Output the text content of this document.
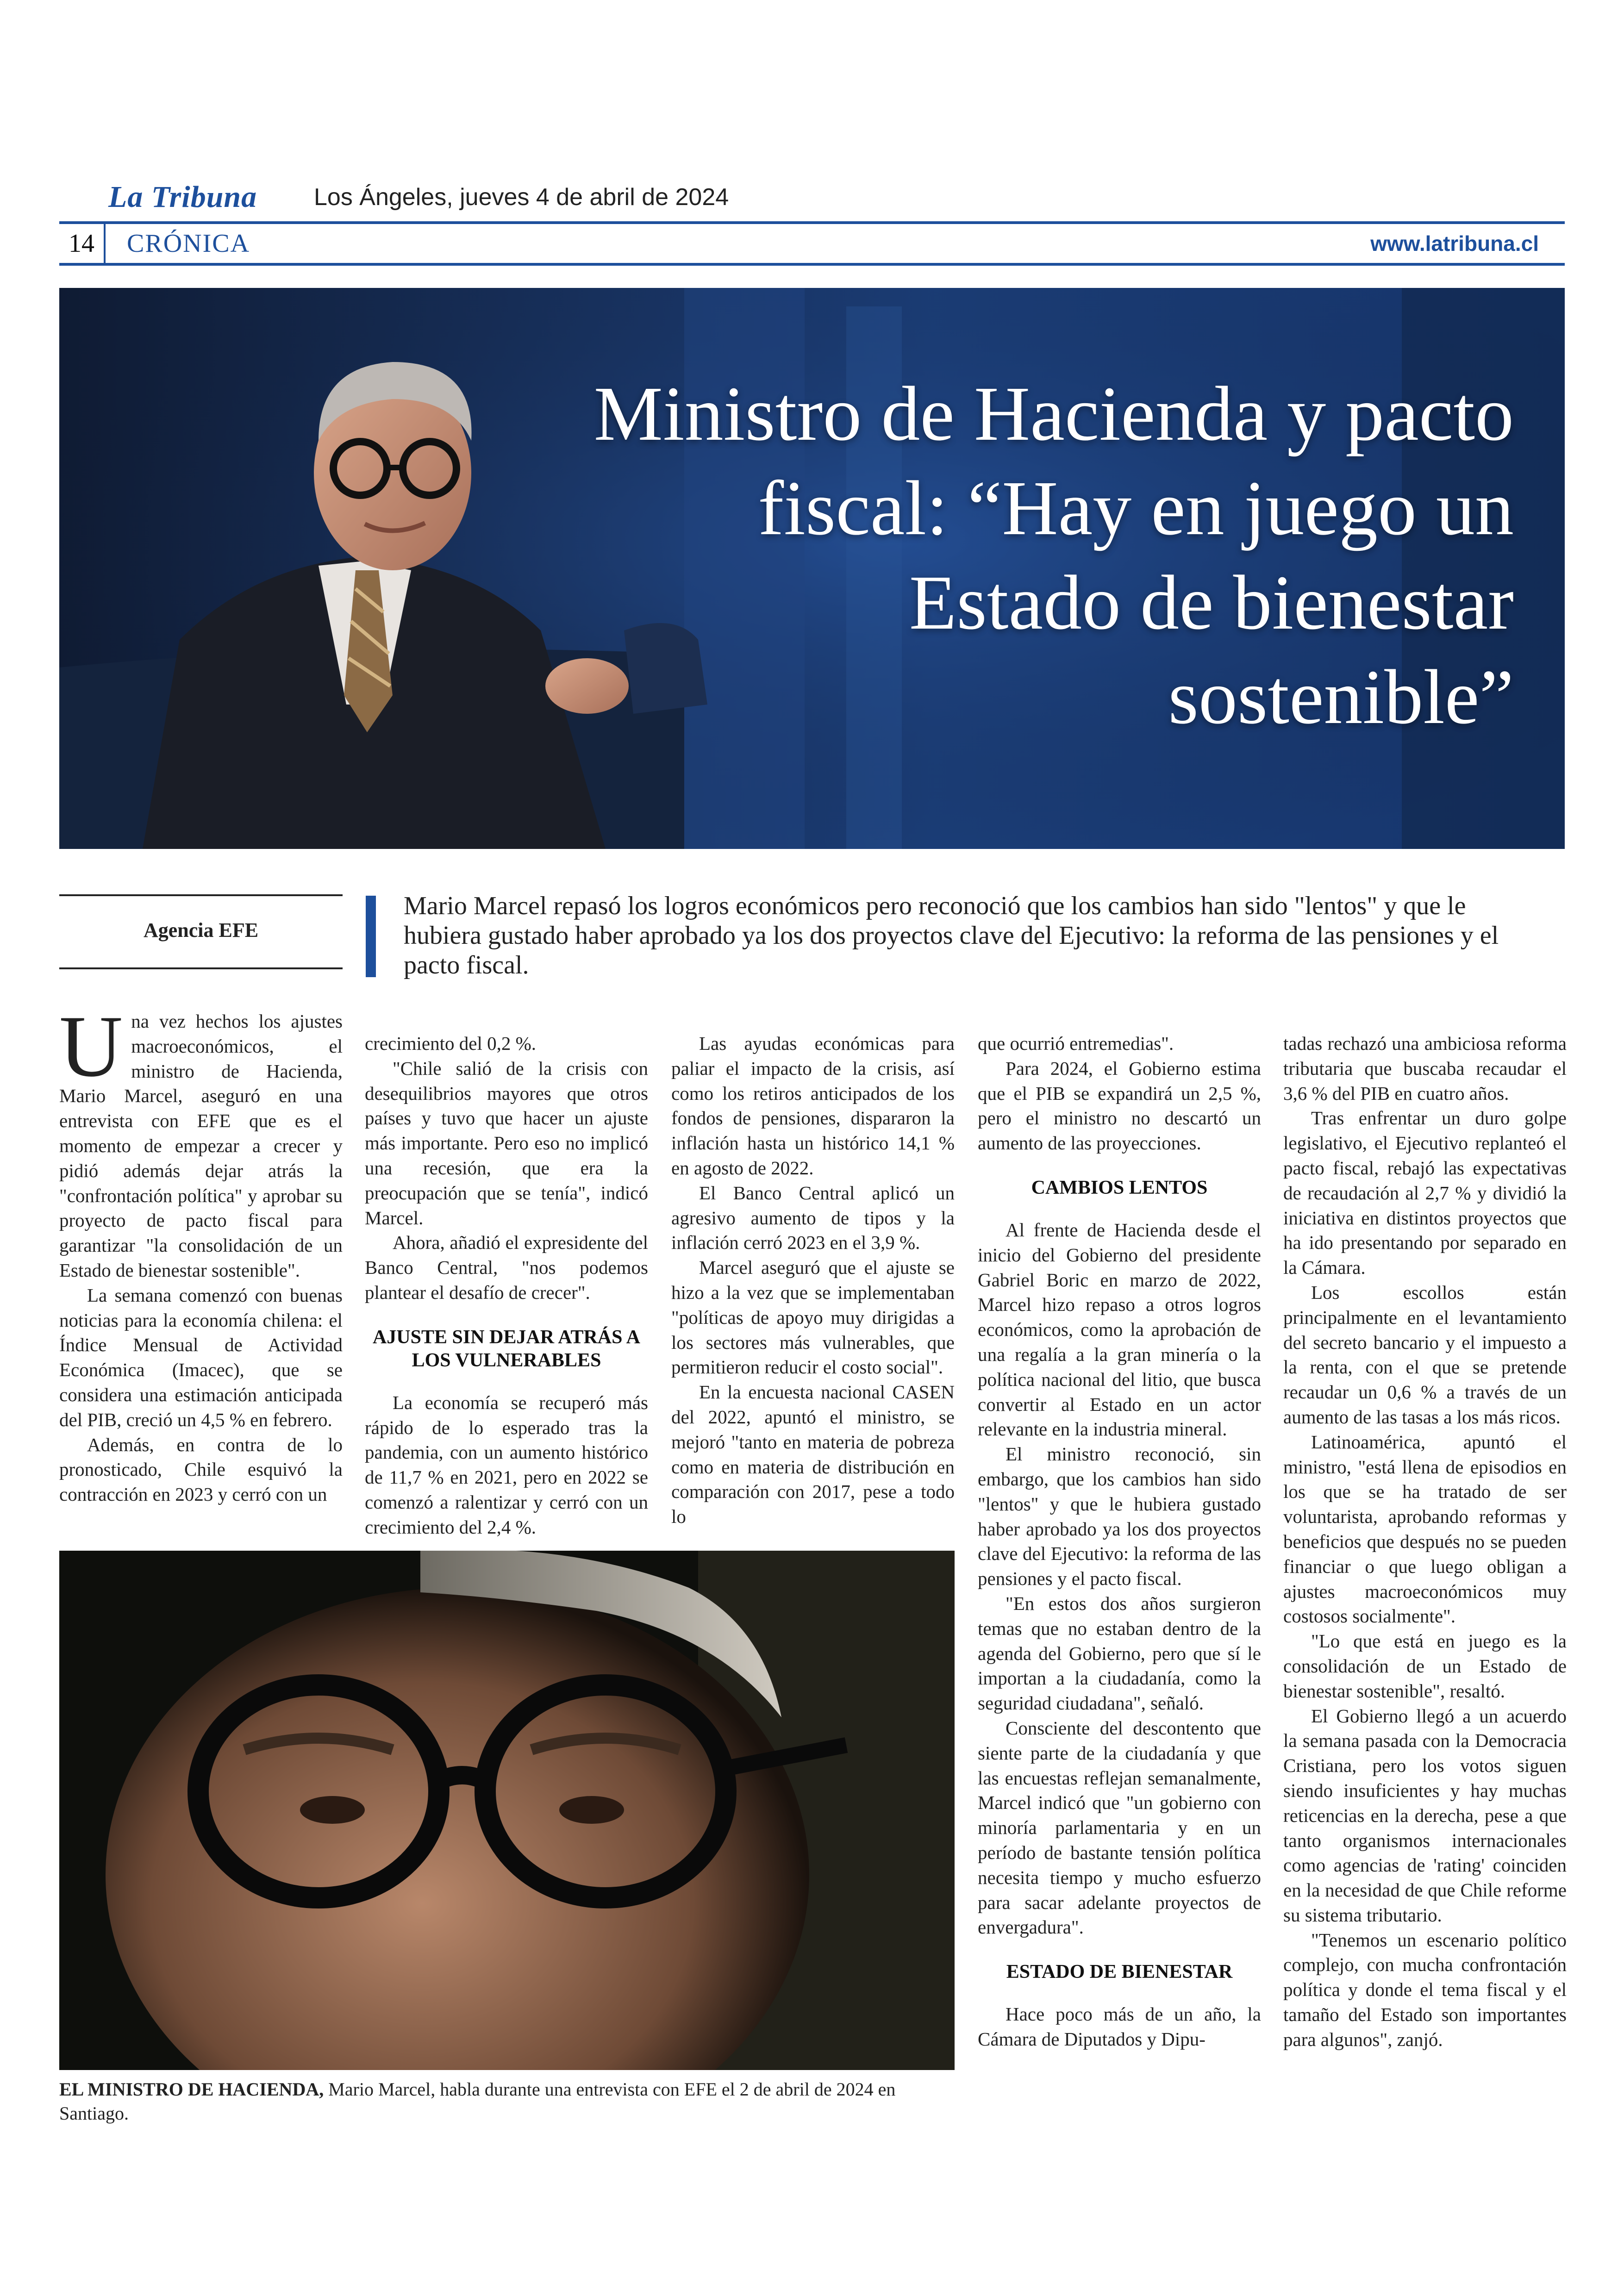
La Tribuna Los Ángeles, jueves 4 de abril de 2024
14	CRÓNICA	www.latribuna.cl
Ministro de Hacienda y pacto fiscal: “Hay en juego un Estado de bienestar sostenible”
Agencia EFE
Mario Marcel repasó los logros económicos pero reconoció que los cambios han sido "lentos" y que le hubiera gustado haber aprobado ya los dos proyectos clave del Ejecutivo: la reforma de las pensiones y el pacto fiscal.
U na vez hechos los ajustes macroeconómicos, el ministro de Hacienda, Mario Marcel, aseguró en una entrevista con EFE que es el momento de empezar a crecer y pidió además dejar atrás la "confrontación política" y aprobar su proyecto de pacto fiscal para garantizar "la consolidación de un Estado de bienestar sostenible".

La semana comenzó con buenas noticias para la economía chilena: el Índice Mensual de Actividad Económica (Imacec), que se considera una estimación anticipada del PIB, creció un 4,5 % en febrero.

Además, en contra de lo pronosticado, Chile esquivó la contracción en 2023 y cerró con un

crecimiento del 0,2 %.

"Chile salió de la crisis con desequilibrios mayores que otros países y tuvo que hacer un ajuste más importante. Pero eso no implicó una recesión, que era la preocupación que se tenía", indicó Marcel.

Ahora, añadió el expresidente del Banco Central, "nos podemos plantear el desafío de crecer".

AJUSTE SIN DEJAR ATRÁS A LOS VULNERABLES

La economía se recuperó más rápido de lo esperado tras la pandemia, con un aumento histórico de 11,7 % en 2021, pero en 2022 se comenzó a ralentizar y cerró con un crecimiento del 2,4 %.

Las ayudas económicas para paliar el impacto de la crisis, así como los retiros anticipados de los fondos de pensiones, dispararon la inflación hasta un histórico 14,1 % en agosto de 2022.

El Banco Central aplicó un agresivo aumento de tipos y la inflación cerró 2023 en el 3,9 %.

Marcel aseguró que el ajuste se hizo a la vez que se implementaban "políticas de apoyo muy dirigidas a los sectores más vulnerables, que permitieron reducir el costo social".

En la encuesta nacional CASEN del 2022, apuntó el ministro, se mejoró "tanto en materia de pobreza como en materia de distribución en comparación con 2017, pese a todo lo

que ocurrió entremedias".

Para 2024, el Gobierno estima que el PIB se expandirá un 2,5 %, pero el ministro no descartó un aumento de las proyecciones.

CAMBIOS LENTOS

Al frente de Hacienda desde el inicio del Gobierno del presidente Gabriel Boric en marzo de 2022, Marcel hizo repaso a otros logros económicos, como la aprobación de una regalía a la gran minería o la política nacional del litio, que busca convertir al Estado en un actor relevante en la industria mineral.

El ministro reconoció, sin embargo, que los cambios han sido "lentos" y que le hubiera gustado haber aprobado ya los dos proyectos clave del Ejecutivo: la reforma de las pensiones y el pacto fiscal.

"En estos dos años surgieron temas que no estaban dentro de la agenda del Gobierno, pero que sí le importan a la ciudadanía, como la seguridad ciudadana", señaló.

Consciente del descontento que siente parte de la ciudadanía y que las encuestas reflejan semanalmente, Marcel indicó que "un gobierno con minoría parlamentaria y en un período de bastante tensión política necesita tiempo y mucho esfuerzo para sacar adelante proyectos de envergadura".

ESTADO DE BIENESTAR

Hace poco más de un año, la Cámara de Diputados y Dipu-

tadas rechazó una ambiciosa reforma tributaria que buscaba recaudar el 3,6 % del PIB en cuatro años.

Tras enfrentar un duro golpe legislativo, el Ejecutivo replanteó el pacto fiscal, rebajó las expectativas de recaudación al 2,7 % y dividió la iniciativa en distintos proyectos que ha ido presentando por separado en la Cámara.

Los escollos están principalmente en el levantamiento del secreto bancario y el impuesto a la renta, con el que se pretende recaudar un 0,6 % a través de un aumento de las tasas a los más ricos.

Latinoamérica, apuntó el ministro, "está llena de episodios en los que se ha tratado de ser voluntarista, aprobando reformas y beneficios que después no se pueden financiar o que luego obligan a ajustes macroeconómicos muy costosos socialmente".

"Lo que está en juego es la consolidación de un Estado de bienestar sostenible", resaltó.

El Gobierno llegó a un acuerdo la semana pasada con la Democracia Cristiana, pero los votos siguen siendo insuficientes y hay muchas reticencias en la derecha, pese a que tanto organismos internacionales como agencias de 'rating' coinciden en la necesidad de que Chile reforme su sistema tributario.

"Tenemos un escenario político complejo, con mucha confrontación política y donde el tema fiscal y el tamaño del Estado son importantes para algunos", zanjó.

EL MINISTRO DE HACIENDA, Mario Marcel, habla durante una entrevista con EFE el 2 de abril de 2024 en Santiago.
